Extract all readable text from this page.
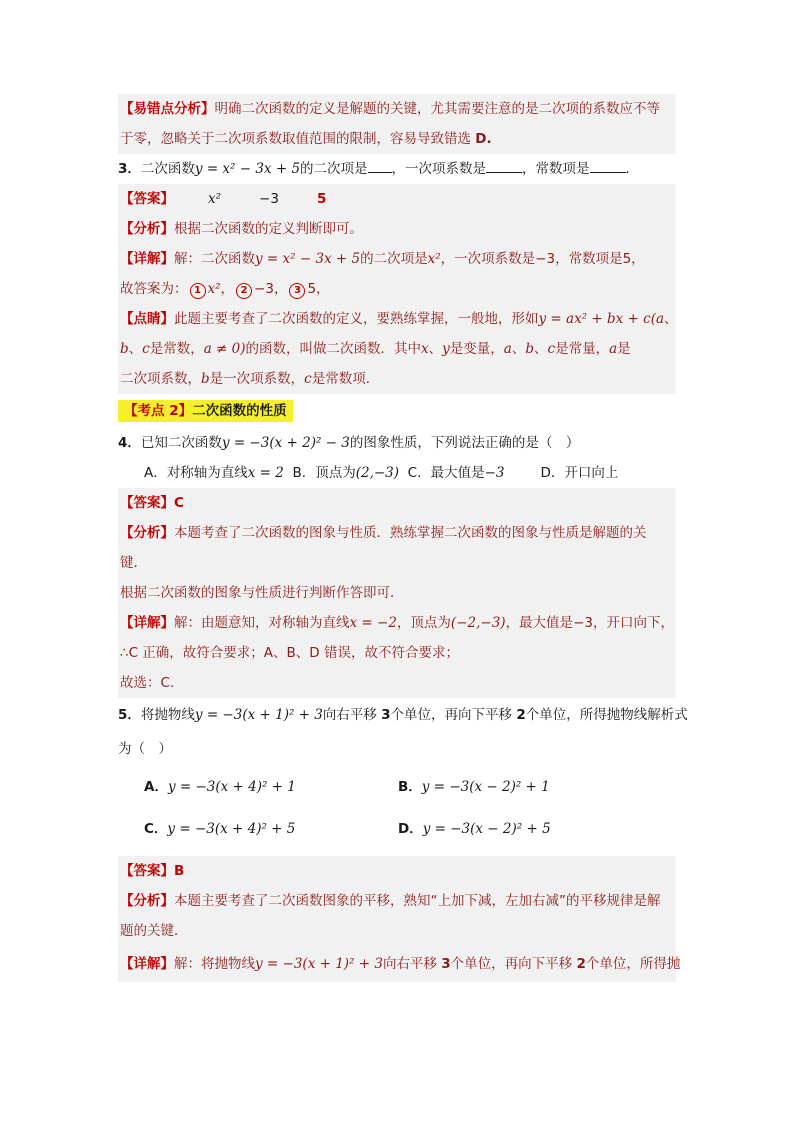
【易错点分析】明确二次函数的定义是解题的关键，尤其需要注意的是二次项的系数应不等
于零，忽略关于二次项系数取值范围的限制，容易导致错选 D.
3．二次函数y = x² − 3x + 5的二次项是 ，一次项系数是	，常数项是	．
【答案】	x²	−3	5
【分析】根据二次函数的定义判断即可。
【详解】解：二次函数y = x² − 3x + 5的二次项是x²，一次项系数是−3，常数项是5，
故答案为： 1 x²， 2 −3， 3 5，
【点睛】此题主要考查了二次函数的定义，要熟练掌握，一般地，形如y = ax² + bx + c(a、
b、c是常数，a ≠ 0)的函数，叫做二次函数．其中x、y是变量，a、b、c是常量，a是
二次项系数，b是一次项系数，c是常数项．
【考点 2】二次函数的性质
4．已知二次函数y = −3(x + 2)² − 3的图象性质，下列说法正确的是（　）
A．对称轴为直线x = 2 B．顶点为(2,−3) C．最大值是−3	D．开口向上
【答案】C
【分析】本题考查了二次函数的图象与性质．熟练掌握二次函数的图象与性质是解题的关
键．
根据二次函数的图象与性质进行判断作答即可．
【详解】解：由题意知，对称轴为直线x = −2，顶点为(−2,−3)，最大值是−3，开口向下，
∴C 正确，故符合要求；A、B、D 错误，故不符合要求；
故选：C.
5．将抛物线y = −3(x + 1)² + 3向右平移 3个单位，再向下平移 2个单位，所得抛物线解析式
为（　）
A．y = −3(x + 4)² + 1	B．y = −3(x − 2)² + 1
C．y = −3(x + 4)² + 5	D．y = −3(x − 2)² + 5
【答案】B
【分析】本题主要考查了二次函数图象的平移，熟知“上加下减，左加右减”的平移规律是解
题的关键．
【详解】解：将抛物线y = −3(x + 1)² + 3向右平移 3个单位，再向下平移 2个单位，所得抛
